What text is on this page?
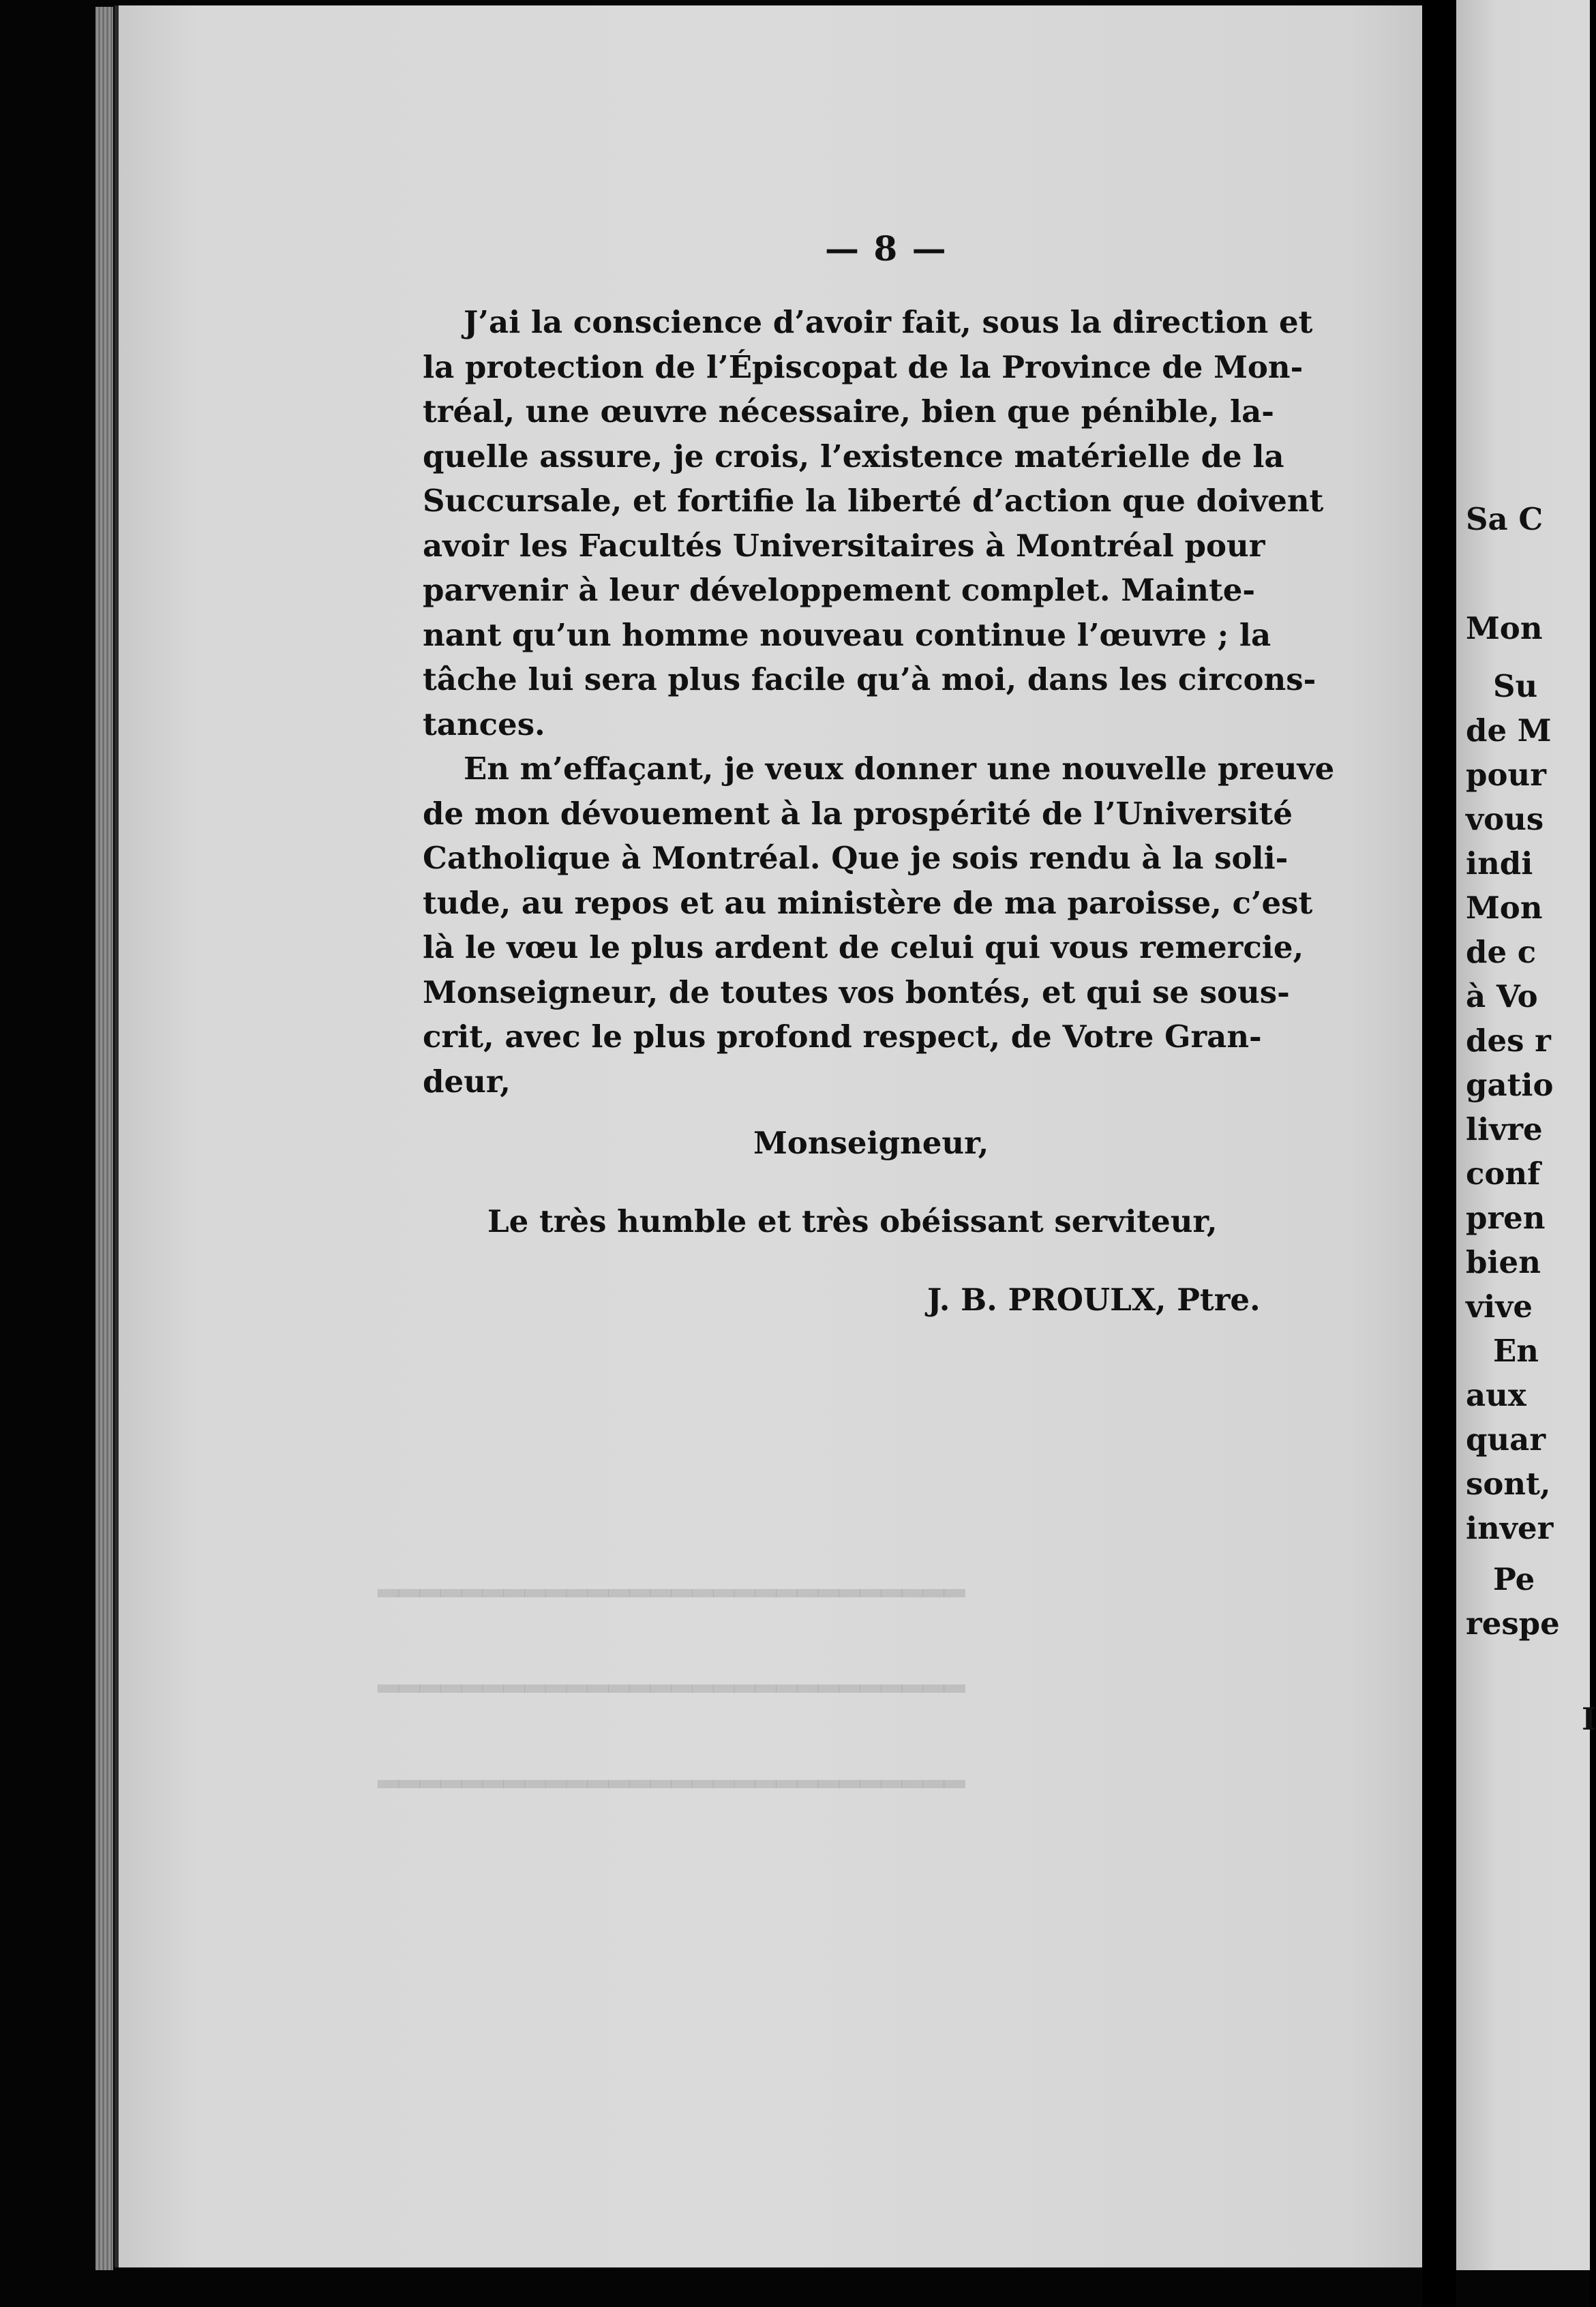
▂▂▂▂▂▂▂▂▂▂▂▂▂▂▂▂▂▂▂▂▂▂▂▂▂▂▂▂
▂▂▂▂▂▂▂▂▂▂▂▂▂▂▂▂▂▂▂▂▂▂▂▂▂▂▂▂
▂▂▂▂▂▂▂▂▂▂▂▂▂▂▂▂▂▂▂▂▂▂▂▂▂▂▂▂
— 8 —
J’ai la conscience d’avoir fait, sous la direction et
la protection de l’Épiscopat de la Province de Mon-
tréal, une œuvre nécessaire, bien que pénible, la-
quelle assure, je crois, l’existence matérielle de la
Succursale, et fortifie la liberté d’action que doivent
avoir les Facultés Universitaires à Montréal pour
parvenir à leur développement complet. Mainte-
nant qu’un homme nouveau continue l’œuvre ; la
tâche lui sera plus facile qu’à moi, dans les circons-
tances.
En m’effaçant, je veux donner une nouvelle preuve
de mon dévouement à la prospérité de l’Université
Catholique à Montréal. Que je sois rendu à la soli-
tude, au repos et au ministère de ma paroisse, c’est
là le vœu le plus ardent de celui qui vous remercie,
Monseigneur, de toutes vos bontés, et qui se sous-
crit, avec le plus profond respect, de Votre Gran-
deur,
Monseigneur,
Le très humble et très obéissant serviteur,
J. B. PROULX, Ptre.
Sa C
Mon
Su
de M
pour
vous
indi
Mon
de c
à Vo
des r
gatio
livre
conf
pren
bien
vive
En
aux
quar
sont,
inver
Pe
respe
I
